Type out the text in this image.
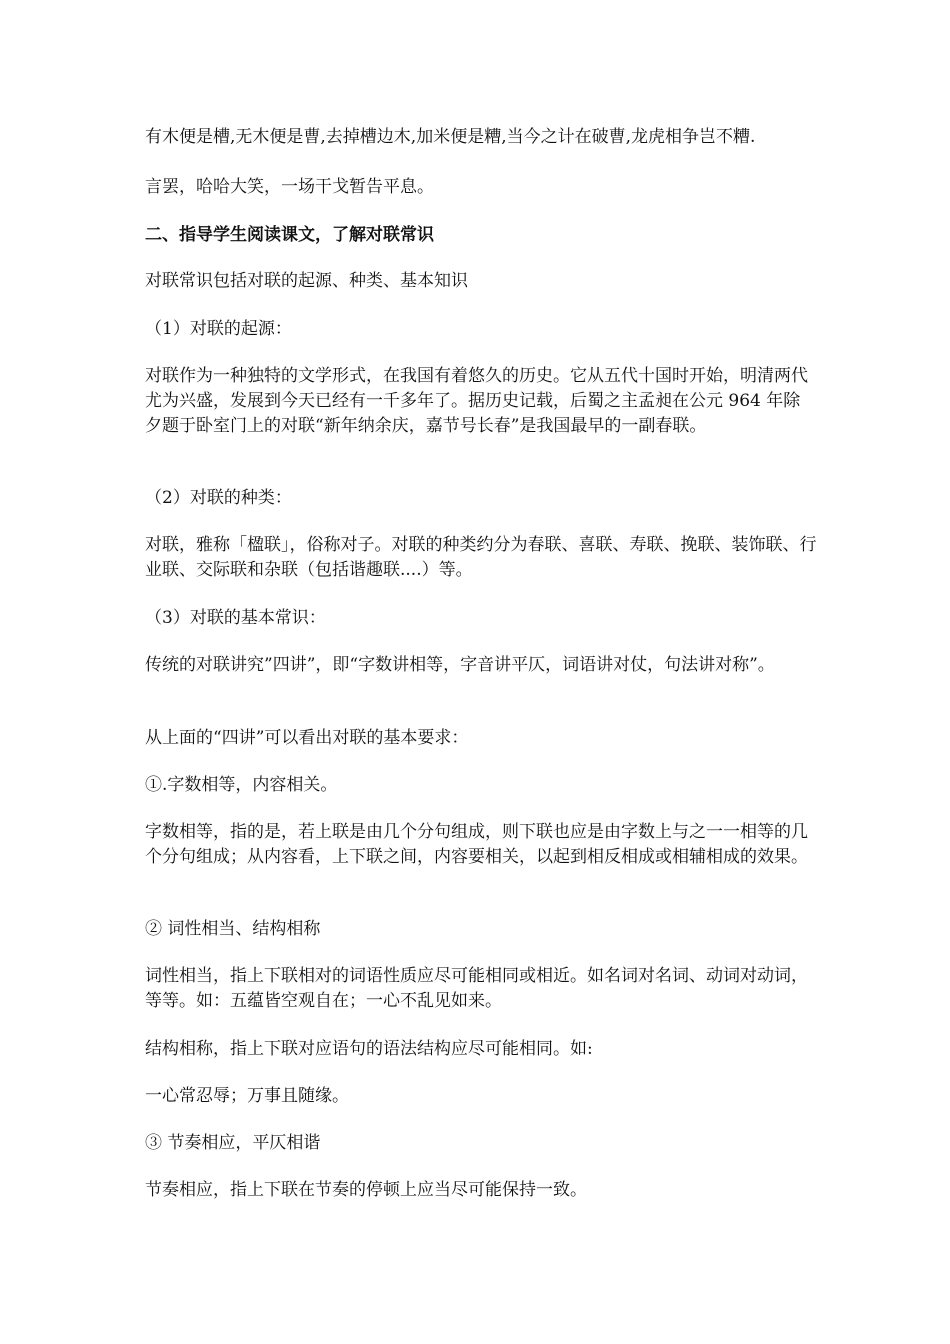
有木便是槽,无木便是曹,去掉槽边木,加米便是糟,当今之计在破曹,龙虎相争岂不糟.

言罢，哈哈大笑，一场干戈暂告平息。

二、指导学生阅读课文，了解对联常识

对联常识包括对联的起源、种类、基本知识

（1）对联的起源：

对联作为一种独特的文学形式，在我国有着悠久的历史。它从五代十国时开始，明清两代尤为兴盛，发展到今天已经有一千多年了。据历史记载，后蜀之主孟昶在公元 964 年除夕题于卧室门上的对联“新年纳余庆，嘉节号长春”是我国最早的一副春联。

（2）对联的种类：

对联，雅称「楹联」，俗称对子。对联的种类约分为春联、喜联、寿联、挽联、装饰联、行业联、交际联和杂联（包括谐趣联....）等。

（3）对联的基本常识：

传统的对联讲究”四讲”，即“字数讲相等，字音讲平仄，词语讲对仗，句法讲对称”。

从上面的“四讲”可以看出对联的基本要求：

①.字数相等，内容相关。

字数相等，指的是，若上联是由几个分句组成，则下联也应是由字数上与之一一相等的几个分句组成；从内容看，上下联之间，内容要相关，以起到相反相成或相辅相成的效果。

② 词性相当、结构相称

词性相当，指上下联相对的词语性质应尽可能相同或相近。如名词对名词、动词对动词，等等。如：五蕴皆空观自在；一心不乱见如来。

结构相称，指上下联对应语句的语法结构应尽可能相同。如:

一心常忍辱；万事且随缘。

③ 节奏相应，平仄相谐

节奏相应，指上下联在节奏的停顿上应当尽可能保持一致。
